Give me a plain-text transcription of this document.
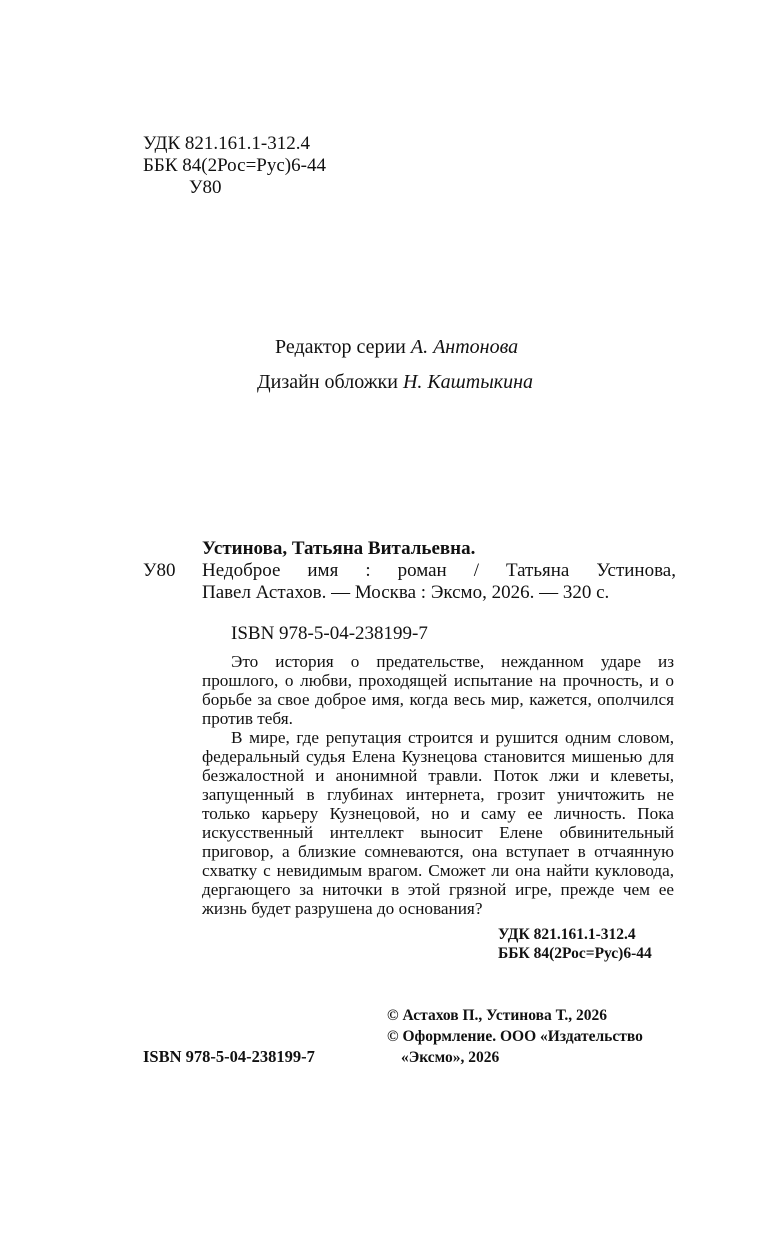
УДК 821.161.1-312.4
ББК 84(2Рос=Рус)6-44
У80
Редактор серии А. Антонова
Дизайн обложки Н. Каштыкина
Устинова, Татьяна Витальевна.
У80 Недоброе имя : роман / Татьяна Устинова,
Павел Астахов. — Москва : Эксмо, 2026. — 320 с.
ISBN 978-5-04-238199-7

Это история о предательстве, нежданном ударе из прошлого, о любви, проходящей испытание на прочность, и о борьбе за свое доброе имя, когда весь мир, кажется, ополчился против тебя.

В мире, где репутация строится и рушится одним словом, федеральный судья Елена Кузнецова становится мишенью для безжалостной и анонимной травли. Поток лжи и клеветы, запущенный в глубинах интернета, грозит уничтожить не только карьеру Кузнецовой, но и саму ее личность. Пока искусственный интеллект выносит Елене обвинительный приговор, а близкие сомневаются, она вступает в отчаянную схватку с невидимым врагом. Сможет ли она найти кукловода, дергающего за ниточки в этой грязной игре, прежде чем ее жизнь будет разрушена до основания?

УДК 821.161.1-312.4
ББК 84(2Рос=Рус)6-44
© Астахов П., Устинова Т., 2026
© Оформление. ООО «Издательство
«Эксмо», 2026
ISBN 978-5-04-238199-7
